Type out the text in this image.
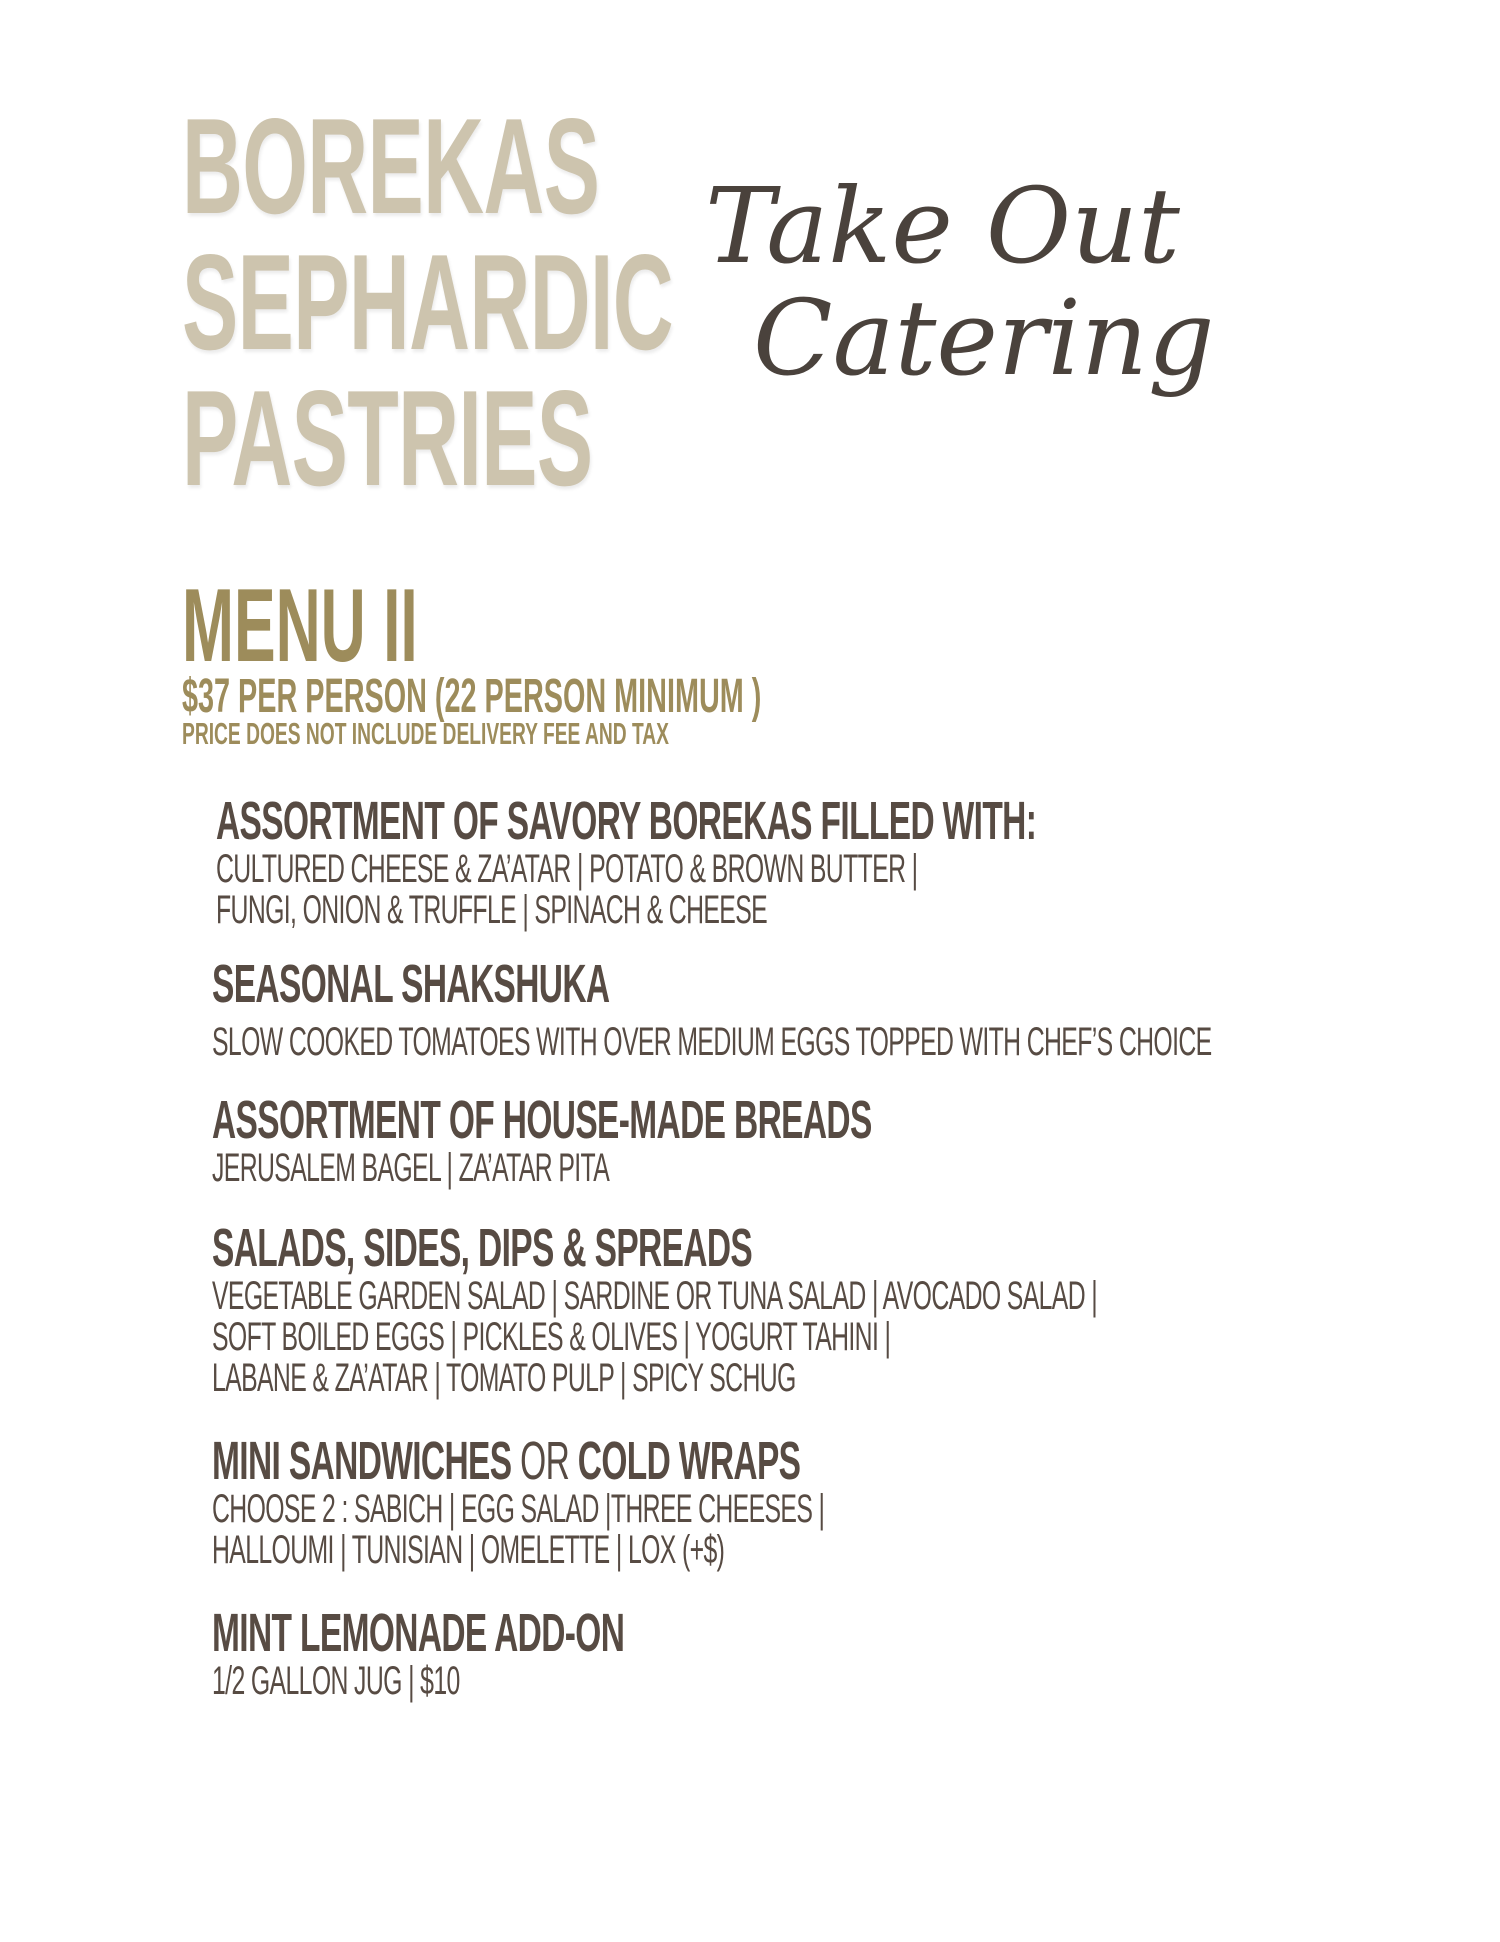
BOREKAS
SEPHARDIC
PASTRIES
Take Out
Catering
MENU II
$37 PER PERSON (22 PERSON MINIMUM )
PRICE DOES NOT INCLUDE DELIVERY FEE AND TAX
ASSORTMENT OF SAVORY BOREKAS FILLED WITH:

CULTURED CHEESE & ZA’ATAR | POTATO & BROWN BUTTER |

FUNGI, ONION & TRUFFLE | SPINACH & CHEESE

SEASONAL SHAKSHUKA

SLOW COOKED TOMATOES WITH OVER MEDIUM EGGS TOPPED WITH CHEF’S CHOICE

ASSORTMENT OF HOUSE-MADE BREADS

JERUSALEM BAGEL | ZA’ATAR PITA

SALADS, SIDES, DIPS & SPREADS

VEGETABLE GARDEN SALAD | SARDINE OR TUNA SALAD | AVOCADO SALAD |

SOFT BOILED EGGS | PICKLES & OLIVES | YOGURT TAHINI |

LABANE & ZA’ATAR | TOMATO PULP | SPICY SCHUG

MINI SANDWICHES OR COLD WRAPS

CHOOSE 2 : SABICH | EGG SALAD |THREE CHEESES |

HALLOUMI | TUNISIAN | OMELETTE | LOX (+$)

MINT LEMONADE ADD-ON

1/2 GALLON JUG | $10
